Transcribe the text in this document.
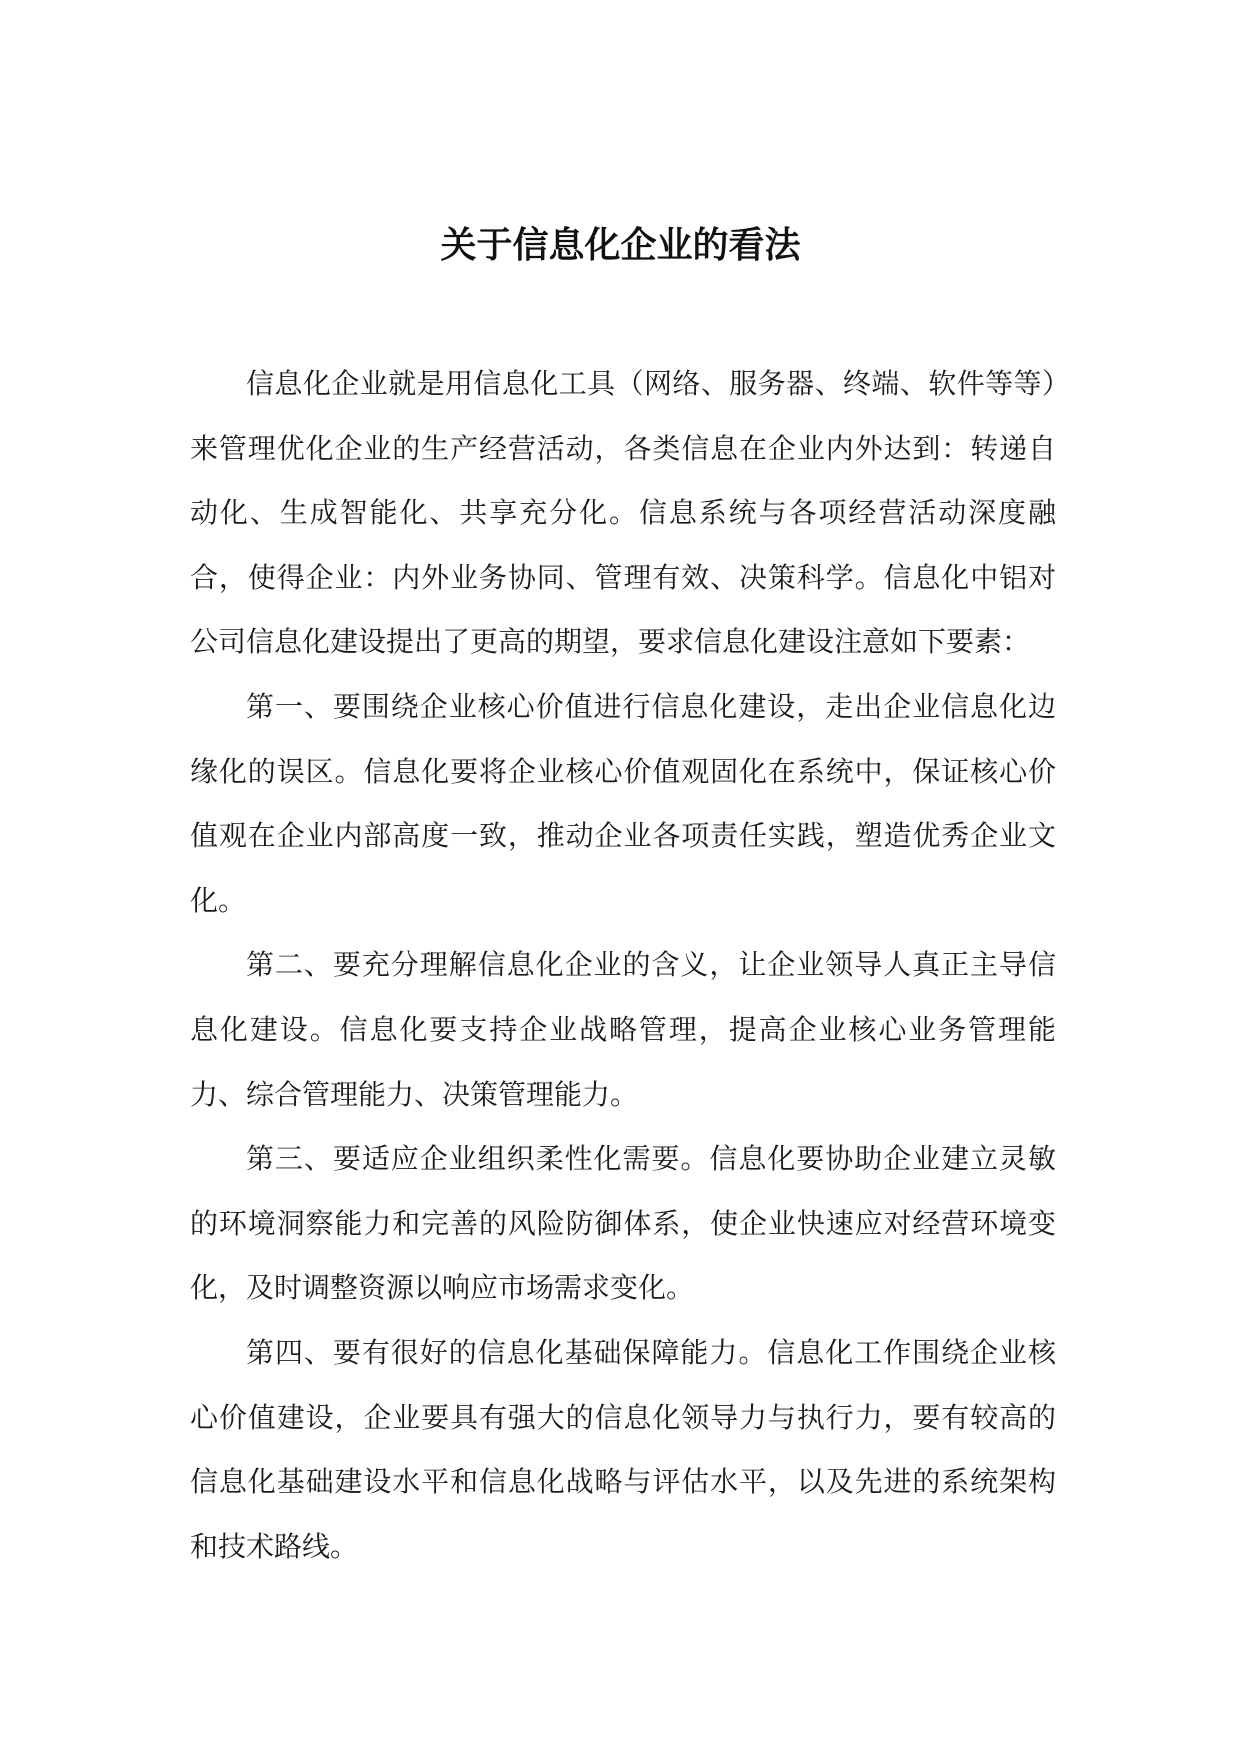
关于信息化企业的看法

信息化企业就是用信息化工具（网络、服务器、终端、软件等等）来管理优化企业的生产经营活动，各类信息在企业内外达到：转递自动化、生成智能化、共享充分化。信息系统与各项经营活动深度融合，使得企业：内外业务协同、管理有效、决策科学。信息化中铝对公司信息化建设提出了更高的期望，要求信息化建设注意如下要素：

第一、要围绕企业核心价值进行信息化建设，走出企业信息化边缘化的误区。信息化要将企业核心价值观固化在系统中，保证核心价值观在企业内部高度一致，推动企业各项责任实践，塑造优秀企业文化。

第二、要充分理解信息化企业的含义，让企业领导人真正主导信息化建设。信息化要支持企业战略管理，提高企业核心业务管理能力、综合管理能力、决策管理能力。

第三、要适应企业组织柔性化需要。信息化要协助企业建立灵敏的环境洞察能力和完善的风险防御体系，使企业快速应对经营环境变化，及时调整资源以响应市场需求变化。

第四、要有很好的信息化基础保障能力。信息化工作围绕企业核心价值建设，企业要具有强大的信息化领导力与执行力，要有较高的信息化基础建设水平和信息化战略与评估水平，以及先进的系统架构和技术路线。
